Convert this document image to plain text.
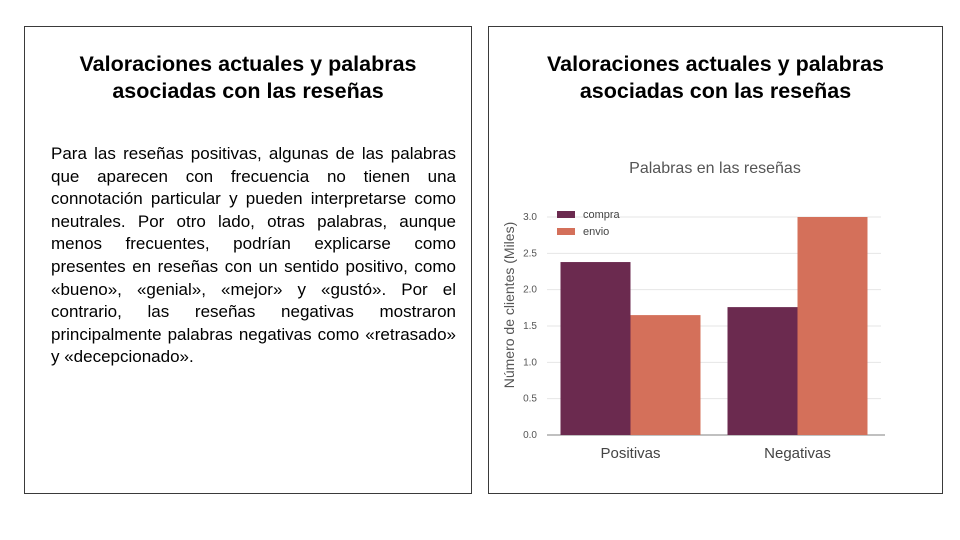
Valoraciones actuales y palabras asociadas con las reseñas
Para las reseñas positivas, algunas de las palabras que aparecen con frecuencia no tienen una connotación particular y pueden interpretarse como neutrales. Por otro lado, otras palabras, aunque menos frecuentes, podrían explicarse como presentes en reseñas con un sentido positivo, como «bueno», «genial», «mejor» y «gustó». Por el contrario, las reseñas negativas mostraron principalmente palabras negativas como «retrasado» y «decepcionado».
Valoraciones actuales y palabras asociadas con las reseñas
Palabras en las reseñas
Número de clientes (Miles)
0.0
0.5
1.0
1.5
2.0
2.5
3.0
Positivas	Negativas
compra
envio
